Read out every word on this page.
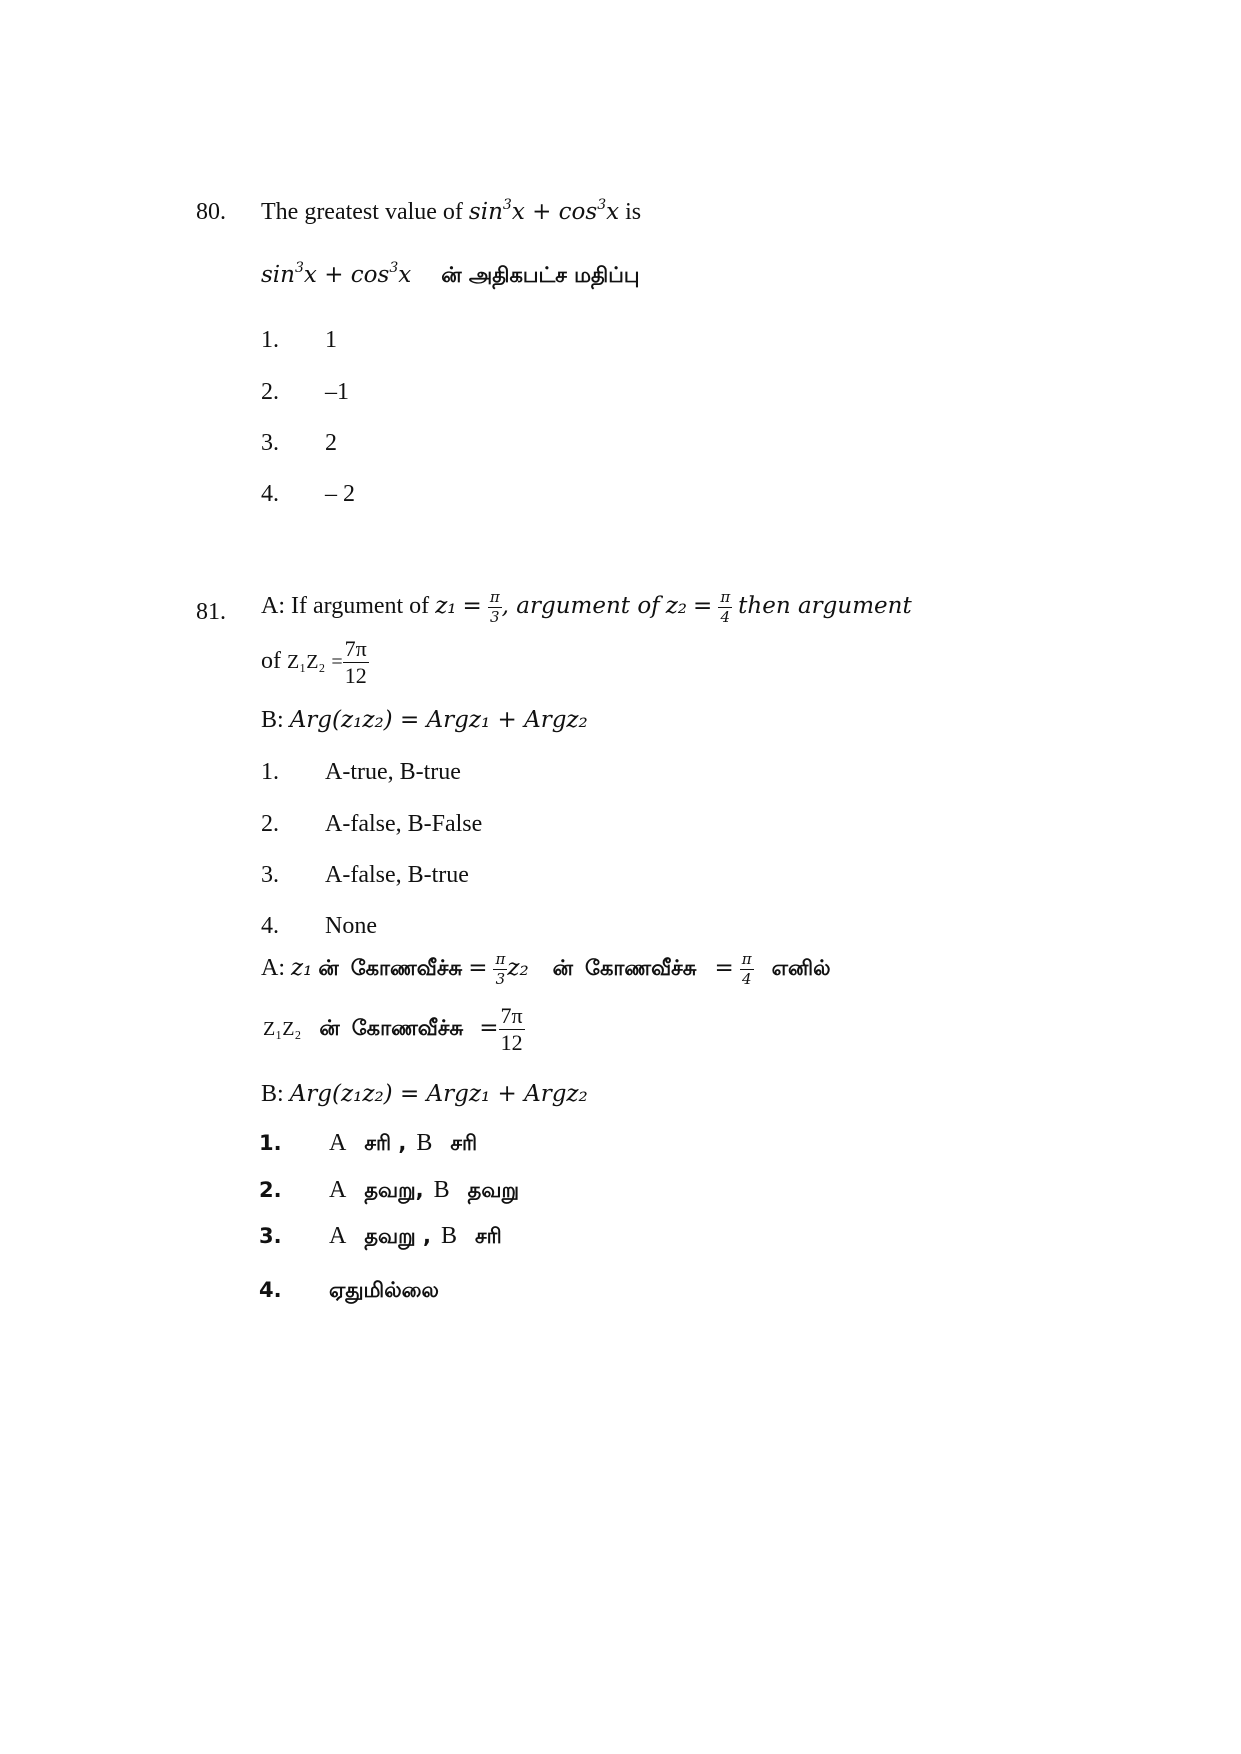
80. The greatest value of $\sin^3x + \cos^3x$ is
$\sin^3x + \cos^3x$ ன் அதிகபட்ச மதிப்பு
1. 1
2. –1
3. 2
4. – 2
81. A: If argument of $z_1 = \frac{\pi}{3}$ , argument of $z_2 = \frac{\pi}{4}$ then argument
of $Z_1Z_2 = \frac{7\pi}{12}$
B: Arg(z₁z₂) = Argz₁ + Argz₂
1. A-true, B-true
2. A-false, B-False
3. A-false, B-true
4. None
A: z₁ ன் கோணவீச்சு = $\frac{\pi}{3} z_2$ ன் கோணவீச்சு = $\frac{\pi}{4}$ எனில்
Z₁Z₂ ன் கோணவீச்சு = $\frac{7\pi}{12}$
B: Arg(z₁z₂) = Argz₁ + Argz₂
1. A சரி , B சரி
2. A தவறு, B தவறு
3. A தவறு , B சரி
4. ஏதுமில்லை
